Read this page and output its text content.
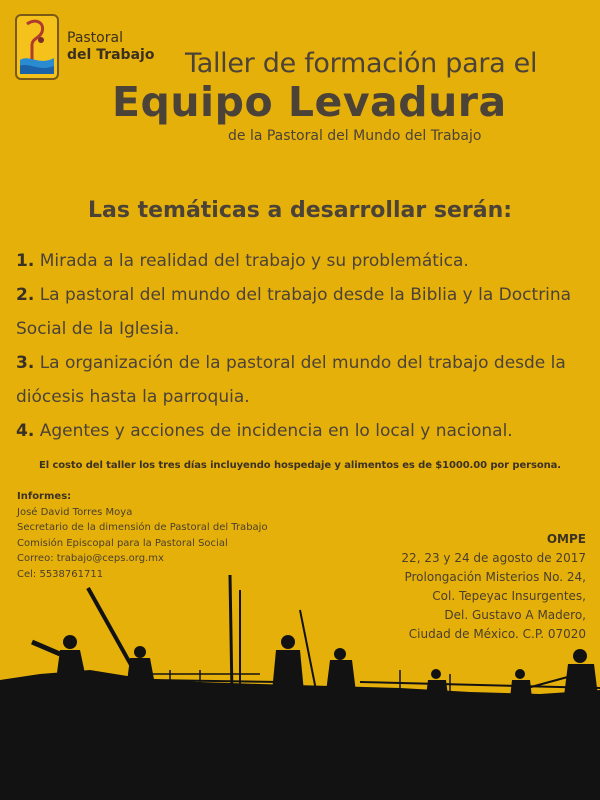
Pastoral
del Trabajo Taller de formación para el
Equipo Levadura
de la Pastoral del Mundo del Trabajo
Las temáticas a desarrollar serán:

1. Mirada a la realidad del trabajo y su problemática.

2. La pastoral del mundo del trabajo desde la Biblia y la Doctrina Social de la Iglesia.

3. La organización de la pastoral del mundo del trabajo desde la diócesis hasta la parroquia.

4. Agentes y acciones de incidencia en lo local y nacional.

El costo del taller los tres días incluyendo hospedaje y alimentos es de $1000.00 por persona.
Informes:
José David Torres Moya
Secretario de la dimensión de Pastoral del Trabajo
Comisión Episcopal para la Pastoral Social
Correo: trabajo@ceps.org.mx
Cel: 5538761711
OMPE
22, 23 y 24 de agosto de 2017
Prolongación Misterios No. 24,
Col. Tepeyac Insurgentes,
Del. Gustavo A Madero,
Ciudad de México. C.P. 07020
